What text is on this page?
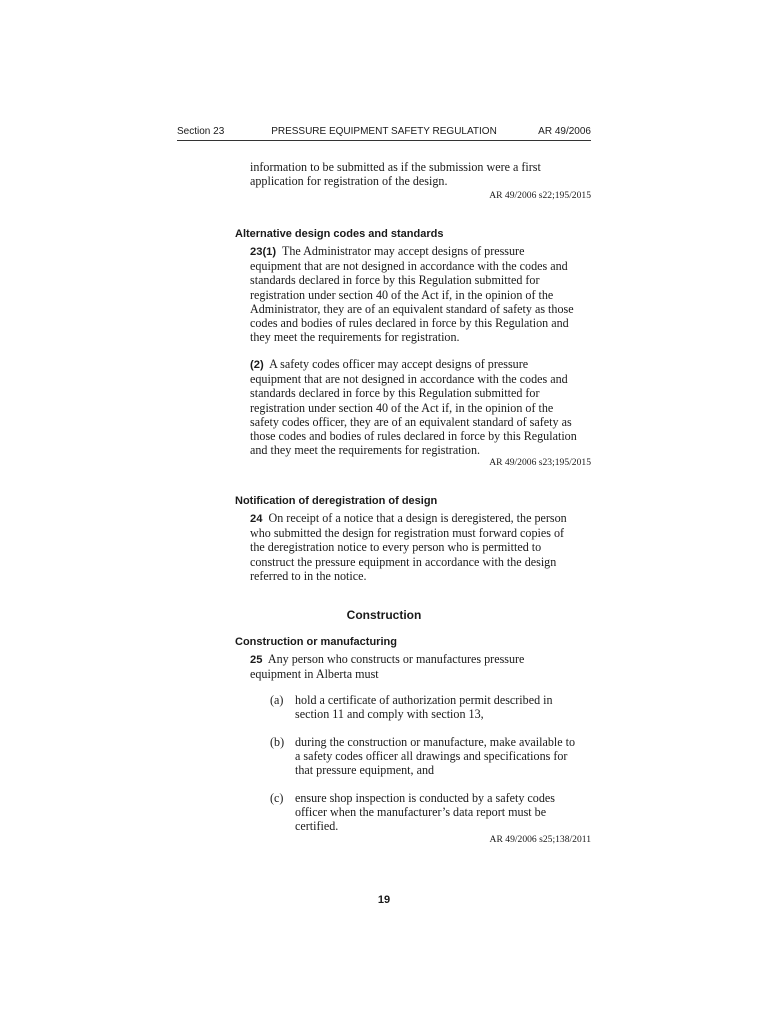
Section 23	PRESSURE EQUIPMENT SAFETY REGULATION	AR 49/2006
information to be submitted as if the submission were a first
application for registration of the design.
AR 49/2006 s22;195/2015
Alternative design codes and standards
23(1) The Administrator may accept designs of pressure
equipment that are not designed in accordance with the codes and
standards declared in force by this Regulation submitted for
registration under section 40 of the Act if, in the opinion of the
Administrator, they are of an equivalent standard of safety as those
codes and bodies of rules declared in force by this Regulation and
they meet the requirements for registration.
(2) A safety codes officer may accept designs of pressure
equipment that are not designed in accordance with the codes and
standards declared in force by this Regulation submitted for
registration under section 40 of the Act if, in the opinion of the
safety codes officer, they are of an equivalent standard of safety as
those codes and bodies of rules declared in force by this Regulation
and they meet the requirements for registration.
AR 49/2006 s23;195/2015
Notification of deregistration of design
24 On receipt of a notice that a design is deregistered, the person
who submitted the design for registration must forward copies of
the deregistration notice to every person who is permitted to
construct the pressure equipment in accordance with the design
referred to in the notice.
Construction
Construction or manufacturing
25 Any person who constructs or manufactures pressure
equipment in Alberta must
(a) hold a certificate of authorization permit described in
section 11 and comply with section 13,
(b) during the construction or manufacture, make available to
a safety codes officer all drawings and specifications for
that pressure equipment, and
(c) ensure shop inspection is conducted by a safety codes
officer when the manufacturer’s data report must be
certified.
AR 49/2006 s25;138/2011
19
